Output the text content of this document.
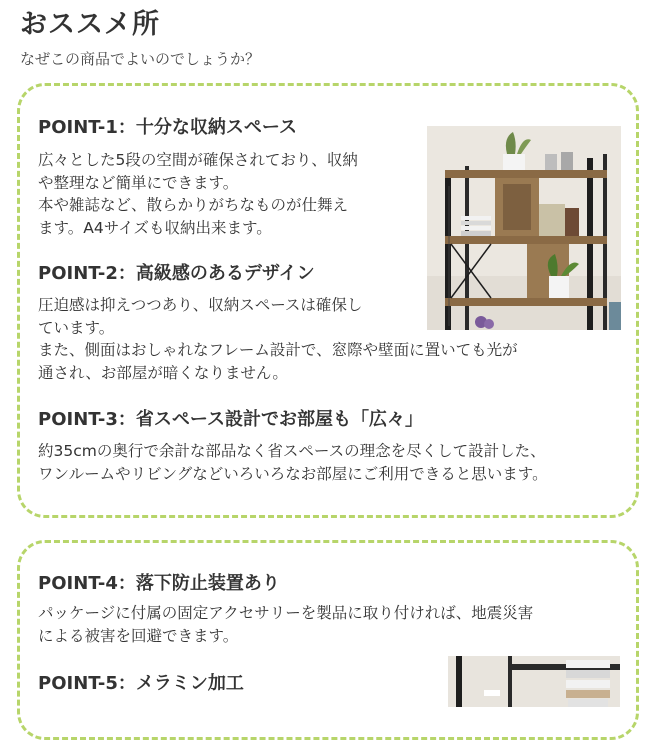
おススメ所

なぜこの商品でよいのでしょうか？

POINT-1：十分な収納スペース

広々とした5段の空間が確保されており、収納
や整理など簡単にできます。
本や雑誌など、散らかりがちなものが仕舞え
ます。A4サイズも収納出来ます。

POINT-2：高級感のあるデザイン

圧迫感は抑えつつあり、収納スペースは確保し
ています。
また、側面はおしゃれなフレーム設計で、窓際や壁面に置いても光が
通され、お部屋が暗くなりません。

POINT-3：省スペース設計でお部屋も「広々」

約35cmの奥行で余計な部品なく省スペースの理念を尽くして設計した、
ワンルームやリビングなどいろいろなお部屋にご利用できると思います。

POINT-4：落下防止装置あり

パッケージに付属の固定アクセサリーを製品に取り付ければ、地震災害
による被害を回避できます。

POINT-5：メラミン加工
